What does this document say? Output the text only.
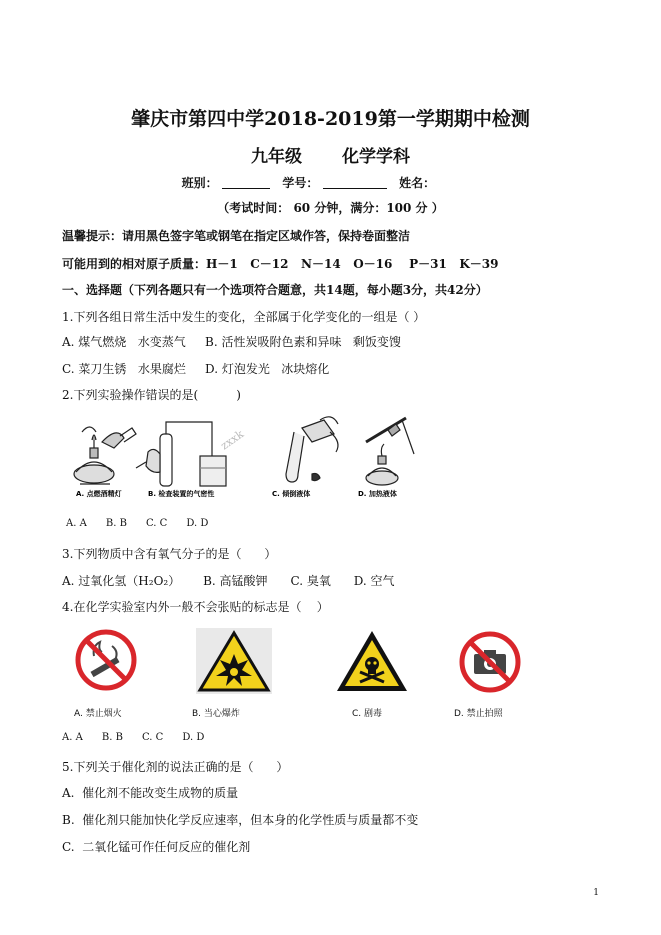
肇庆市第四中学2018-2019第一学期期中检测
九年级 化学学科
班别：	学号：	姓名：
（考试时间： 60 分钟，满分：100 分 ）
温馨提示：请用黑色签字笔或钢笔在指定区域作答，保持卷面整洁
可能用到的相对原子质量：H－1   C－12   N－14   O－16    P－31   K－39
一、选择题（下列各题只有一个选项符合题意，共14题，每小题3分，共42分）
1.下列各组日常生活中发生的变化，全部属于化学变化的一组是（ ）
A. 煤气燃烧   水变蒸气 B. 活性炭吸附色素和异味   剩饭变馊
C. 菜刀生锈   水果腐烂 D. 灯泡发光   冰块熔化
2.下列实验操作错误的是(          )
zxxk
A. 点燃酒精灯	B. 检查装置的气密性	C. 倾倒液体	D. 加热液体
A. A      B. B      C. C      D. D
3.下列物质中含有氧气分子的是（      ）
A. 过氧化氢（H₂O₂）      B. 高锰酸钾      C. 臭氧      D. 空气
4.在化学实验室内外一般不会张贴的标志是（    ）
A. 禁止烟火	B. 当心爆炸	C. 剧毒	D. 禁止拍照
A. A      B. B      C. C      D. D
5.下列关于催化剂的说法正确的是（      ）
A.  催化剂不能改变生成物的质量
B.  催化剂只能加快化学反应速率，但本身的化学性质与质量都不变
C.  二氧化锰可作任何反应的催化剂
1
